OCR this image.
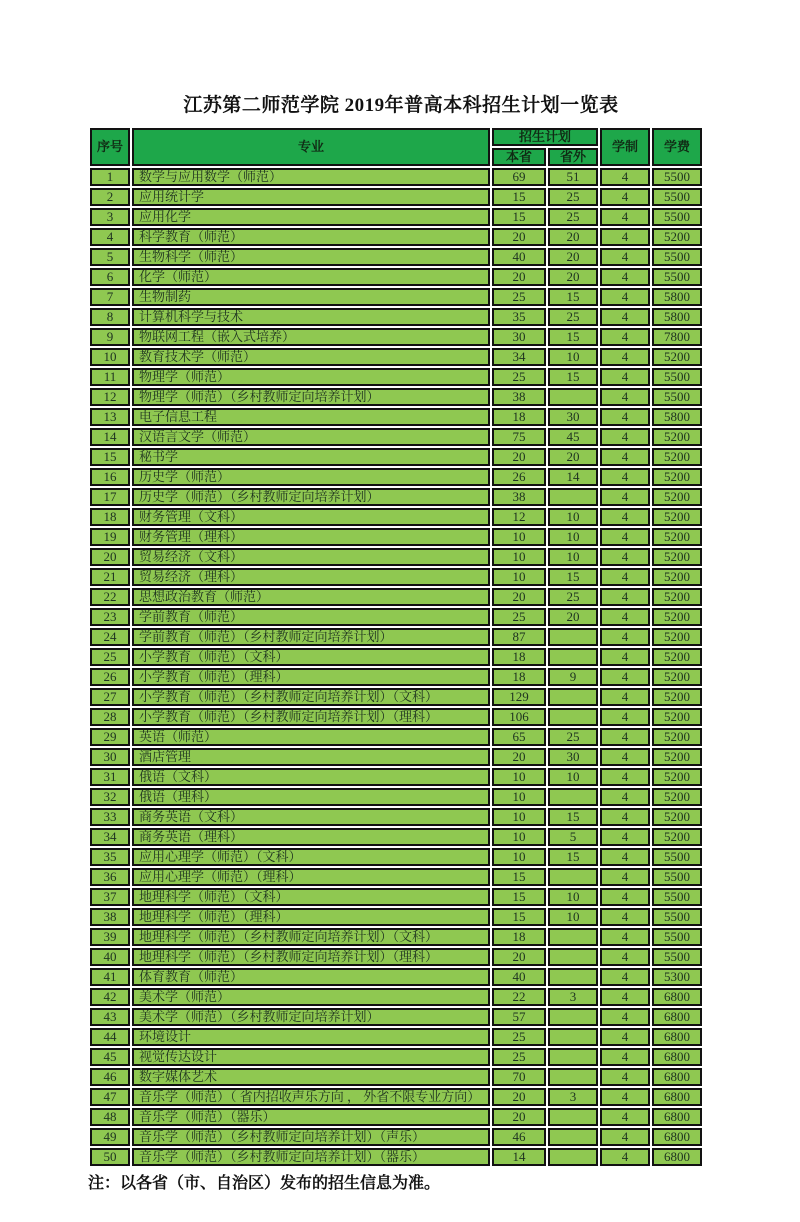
江苏第二师范学院 2019年普高本科招生计划一览表
序号	专业	招生计划		学制	学费
		本省	省外		
1	数学与应用数学（师范）	69	51	4	5500
2	应用统计学	15	25	4	5500
3	应用化学	15	25	4	5500
4	科学教育（师范）	20	20	4	5200
5	生物科学（师范）	40	20	4	5500
6	化学（师范）	20	20	4	5500
7	生物制药	25	15	4	5800
8	计算机科学与技术	35	25	4	5800
9	物联网工程（嵌入式培养）	30	15	4	7800
10	教育技术学（师范）	34	10	4	5200
11	物理学（师范）	25	15	4	5500
12	物理学（师范）（乡村教师定向培养计划）	38		4	5500
13	电子信息工程	18	30	4	5800
14	汉语言文学（师范）	75	45	4	5200
15	秘书学	20	20	4	5200
16	历史学（师范）	26	14	4	5200
17	历史学（师范）（乡村教师定向培养计划）	38		4	5200
18	财务管理（文科）	12	10	4	5200
19	财务管理（理科）	10	10	4	5200
20	贸易经济（文科）	10	10	4	5200
21	贸易经济（理科）	10	15	4	5200
22	思想政治教育（师范）	20	25	4	5200
23	学前教育（师范）	25	20	4	5200
24	学前教育（师范）（乡村教师定向培养计划）	87		4	5200
25	小学教育（师范）（文科）	18		4	5200
26	小学教育（师范）（理科）	18	9	4	5200
27	小学教育（师范）（乡村教师定向培养计划）（文科）	129		4	5200
28	小学教育（师范）（乡村教师定向培养计划）（理科）	106		4	5200
29	英语（师范）	65	25	4	5200
30	酒店管理	20	30	4	5200
31	俄语（文科）	10	10	4	5200
32	俄语（理科）	10		4	5200
33	商务英语（文科）	10	15	4	5200
34	商务英语（理科）	10	5	4	5200
35	应用心理学（师范）（文科）	10	15	4	5500
36	应用心理学（师范）（理科）	15		4	5500
37	地理科学（师范）（文科）	15	10	4	5500
38	地理科学（师范）（理科）	15	10	4	5500
39	地理科学（师范）（乡村教师定向培养计划）（文科）	18		4	5500
40	地理科学（师范）（乡村教师定向培养计划）（理科）	20		4	5500
41	体育教育（师范）	40		4	5300
42	美术学（师范）	22	3	4	6800
43	美术学（师范）（乡村教师定向培养计划）	57		4	6800
44	环境设计	25		4	6800
45	视觉传达设计	25		4	6800
46	数字媒体艺术	70		4	6800
47	音乐学（师范）（ 省内招收声乐方向 ， 外省不限专业方向）	20	3	4	6800
48	音乐学（师范）（器乐）	20		4	6800
49	音乐学（师范）（乡村教师定向培养计划）（声乐）	46		4	6800
50	音乐学（师范）（乡村教师定向培养计划）（器乐）	14		4	6800
注：以各省（市、自治区）发布的招生信息为准。
